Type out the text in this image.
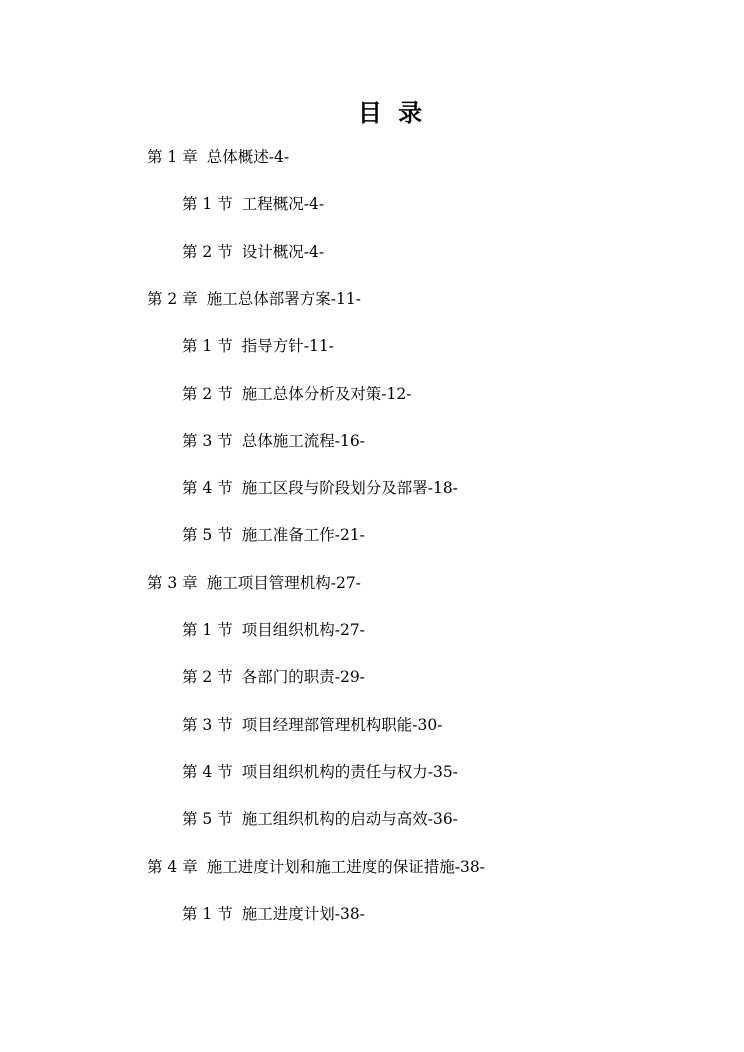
目 录
第 1 章 总体概述-4-
第 1 节 工程概况-4-
第 2 节 设计概况-4-
第 2 章 施工总体部署方案-11-
第 1 节 指导方针-11-
第 2 节 施工总体分析及对策-12-
第 3 节 总体施工流程-16-
第 4 节 施工区段与阶段划分及部署-18-
第 5 节 施工准备工作-21-
第 3 章 施工项目管理机构-27-
第 1 节 项目组织机构-27-
第 2 节 各部门的职责-29-
第 3 节 项目经理部管理机构职能-30-
第 4 节 项目组织机构的责任与权力-35-
第 5 节 施工组织机构的启动与高效-36-
第 4 章 施工进度计划和施工进度的保证措施-38-
第 1 节 施工进度计划-38-
